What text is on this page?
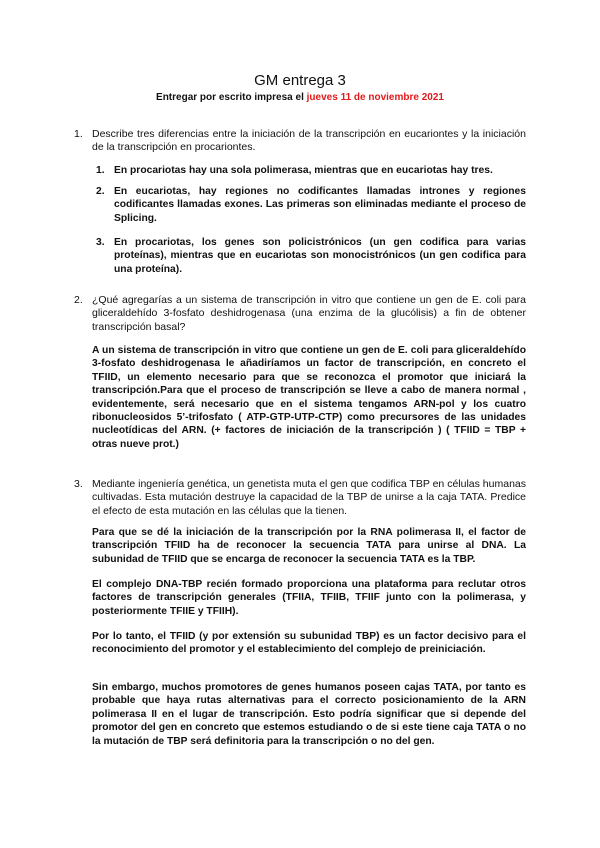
GM entrega 3

Entregar por escrito impresa el jueves 11 de noviembre 2021

1. Describe tres diferencias entre la iniciación de la transcripción en eucariontes y la iniciación de la transcripción en procariontes.

1. En procariotas hay una sola polimerasa, mientras que en eucariotas hay tres.

2. En eucariotas, hay regiones no codificantes llamadas intrones y regiones codificantes llamadas exones. Las primeras son eliminadas mediante el proceso de Splicing.

3. En procariotas, los genes son policistrónicos (un gen codifica para varias proteínas), mientras que en eucariotas son monocistrónicos (un gen codifica para una proteína).

2. ¿Qué agregarías a un sistema de transcripción in vitro que contiene un gen de E. coli para gliceraldehído 3-fosfato deshidrogenasa (una enzima de la glucólisis) a fin de obtener transcripción basal?

A un sistema de transcripción in vitro que contiene un gen de E. coli para gliceraldehído 3-fosfato deshidrogenasa le añadiríamos un factor de transcripción, en concreto el TFIID, un elemento necesario para que se reconozca el promotor que iniciará la transcripción.Para que el proceso de transcripción se lleve a cabo de manera normal , evidentemente, será necesario que en el sistema tengamos ARN-pol y los cuatro ribonucleosidos 5’-trifosfato ( ATP-GTP-UTP-CTP) como precursores de las unidades nucleotídicas del ARN. (+ factores de iniciación de la transcripción ) ( TFIID = TBP + otras nueve prot.)

3. Mediante ingeniería genética, un genetista muta el gen que codifica TBP en células humanas cultivadas. Esta mutación destruye la capacidad de la TBP de unirse a la caja TATA. Predice el efecto de esta mutación en las células que la tienen.

Para que se dé la iniciación de la transcripción por la RNA polimerasa II, el factor de transcripción TFIID ha de reconocer la secuencia TATA para unirse al DNA. La subunidad de TFIID que se encarga de reconocer la secuencia TATA es la TBP.

El complejo DNA-TBP recién formado proporciona una plataforma para reclutar otros factores de transcripción generales (TFIIA, TFIIB, TFIIF junto con la polimerasa, y posteriormente TFIIE y TFIIH).

Por lo tanto, el TFIID (y por extensión su subunidad TBP) es un factor decisivo para el reconocimiento del promotor y el establecimiento del complejo de preiniciación.

Sin embargo, muchos promotores de genes humanos poseen cajas TATA, por tanto es probable que haya rutas alternativas para el correcto posicionamiento de la ARN polimerasa II en el lugar de transcripción. Esto podría significar que si depende del promotor del gen en concreto que estemos estudiando o de si este tiene caja TATA o no la mutación de TBP será definitoria para la transcripción o no del gen.
